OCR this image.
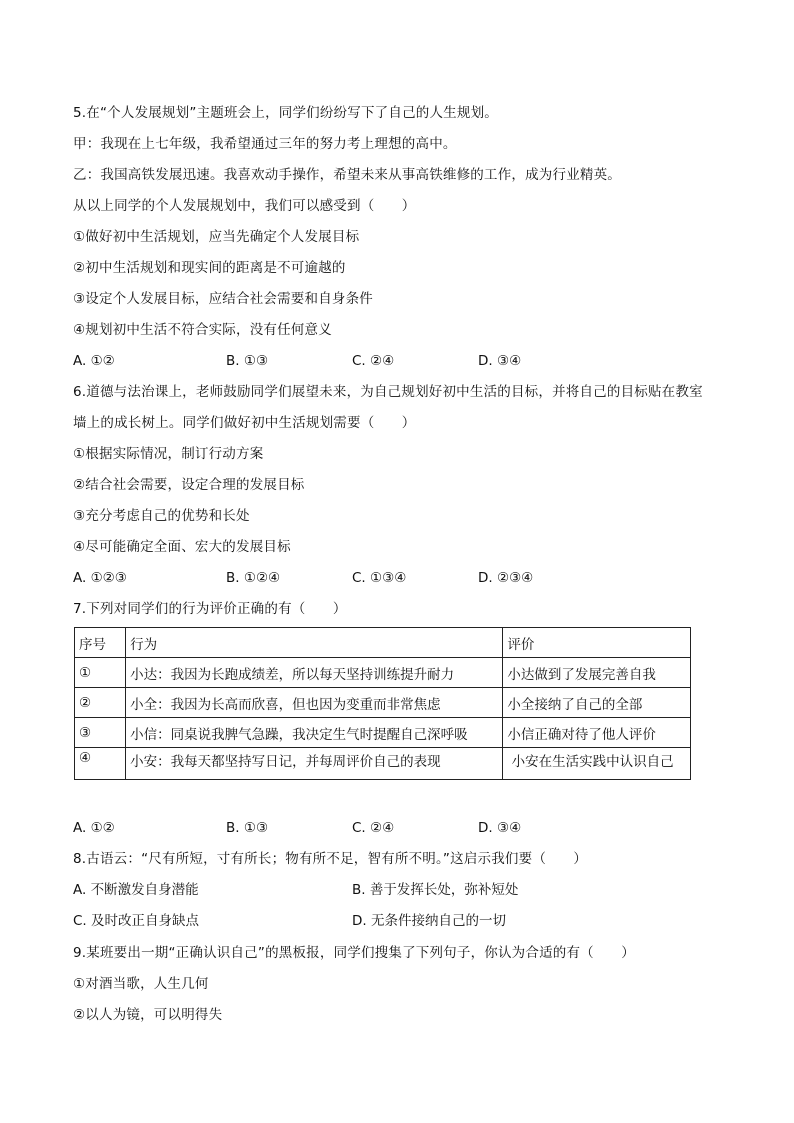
5.在“个人发展规划”主题班会上，同学们纷纷写下了自己的人生规划。
甲：我现在上七年级，我希望通过三年的努力考上理想的高中。
乙：我国高铁发展迅速。我喜欢动手操作，希望未来从事高铁维修的工作，成为行业精英。
从以上同学的个人发展规划中，我们可以感受到（　　）
①做好初中生活规划，应当先确定个人发展目标
②初中生活规划和现实间的距离是不可逾越的
③设定个人发展目标，应结合社会需要和自身条件
④规划初中生活不符合实际，没有任何意义
A. ①②	B. ①③	C. ②④	D. ③④
6.道德与法治课上，老师鼓励同学们展望未来，为自己规划好初中生活的目标，并将自己的目标贴在教室
墙上的成长树上。同学们做好初中生活规划需要（　　）
①根据实际情况，制订行动方案
②结合社会需要，设定合理的发展目标
③充分考虑自己的优势和长处
④尽可能确定全面、宏大的发展目标
A. ①②③	B. ①②④	C. ①③④	D. ②③④
7.下列对同学们的行为评价正确的有（　　）
序号	行为	评价
①	小达：我因为长跑成绩差，所以每天坚持训练提升耐力	小达做到了发展完善自我
②	小全：我因为长高而欣喜，但也因为变重而非常焦虑	小全接纳了自己的全部
③	小信：同桌说我脾气急躁，我决定生气时提醒自己深呼吸	小信正确对待了他人评价
④	小安：我每天都坚持写日记，并每周评价自己的表现	小安在生活实践中认识自己
A. ①②	B. ①③	C. ②④	D. ③④
8.古语云：“尺有所短，寸有所长；物有所不足，智有所不明。”这启示我们要（　　）
A. 不断激发自身潜能	B. 善于发挥长处，弥补短处
C. 及时改正自身缺点	D. 无条件接纳自己的一切
9.某班要出一期“正确认识自己”的黑板报，同学们搜集了下列句子，你认为合适的有（　　）
①对酒当歌，人生几何
②以人为镜，可以明得失
